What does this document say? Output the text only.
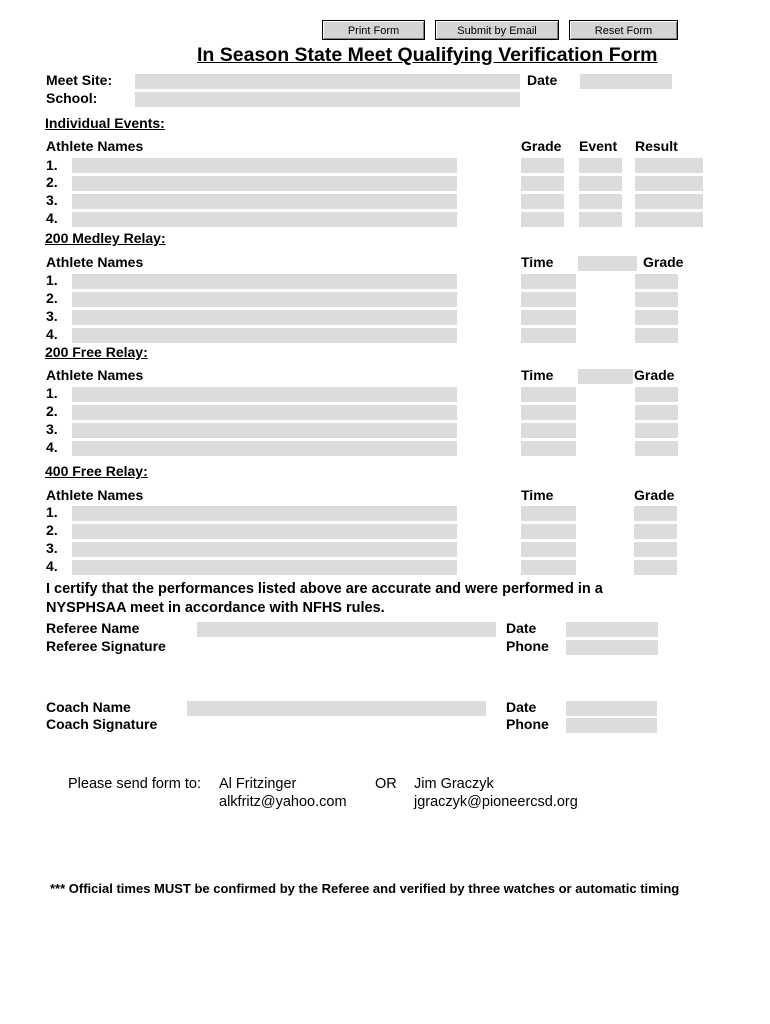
Print Form	Submit by Email	Reset Form
In Season State Meet Qualifying Verification Form
Meet Site:	Date
School:
Individual Events:
Athlete Names	Grade Event Result
1.
2.
3.
4.
200 Medley Relay:
Athlete Names	Time	Grade
1.
2.
3.
4.
200 Free Relay:
Athlete Names	Time	Grade
1.
2.
3.
4.
400 Free Relay:
Athlete Names	Time	Grade
1.
2.
3.
4.
I certify that the performances listed above are accurate and were performed in a NYSPHSAA meet in accordance with NFHS rules.
Referee Name	Date
Referee Signature	Phone
Coach Name	Date
Coach Signature	Phone
Please send form to: Al Fritzinger
alkfritz@yahoo.com
OR Jim Graczyk
jgraczyk@pioneercsd.org
*** Official times MUST be confirmed by the Referee and verified by three watches or automatic timing
